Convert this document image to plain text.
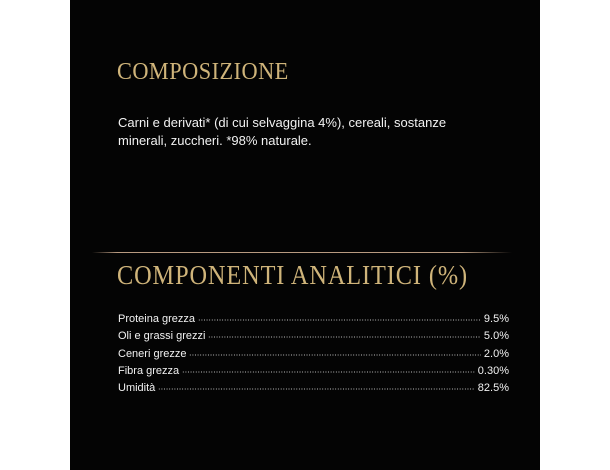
COMPOSIZIONE

Carni e derivati* (di cui selvaggina 4%), cereali, sostanze minerali, zuccheri. *98% naturale.

COMPONENTI ANALITICI (%)
Proteina grezza	9.5%
Oli e grassi grezzi	5.0%
Ceneri grezze	2.0%
Fibra grezza	0.30%
Umidità	82.5%
